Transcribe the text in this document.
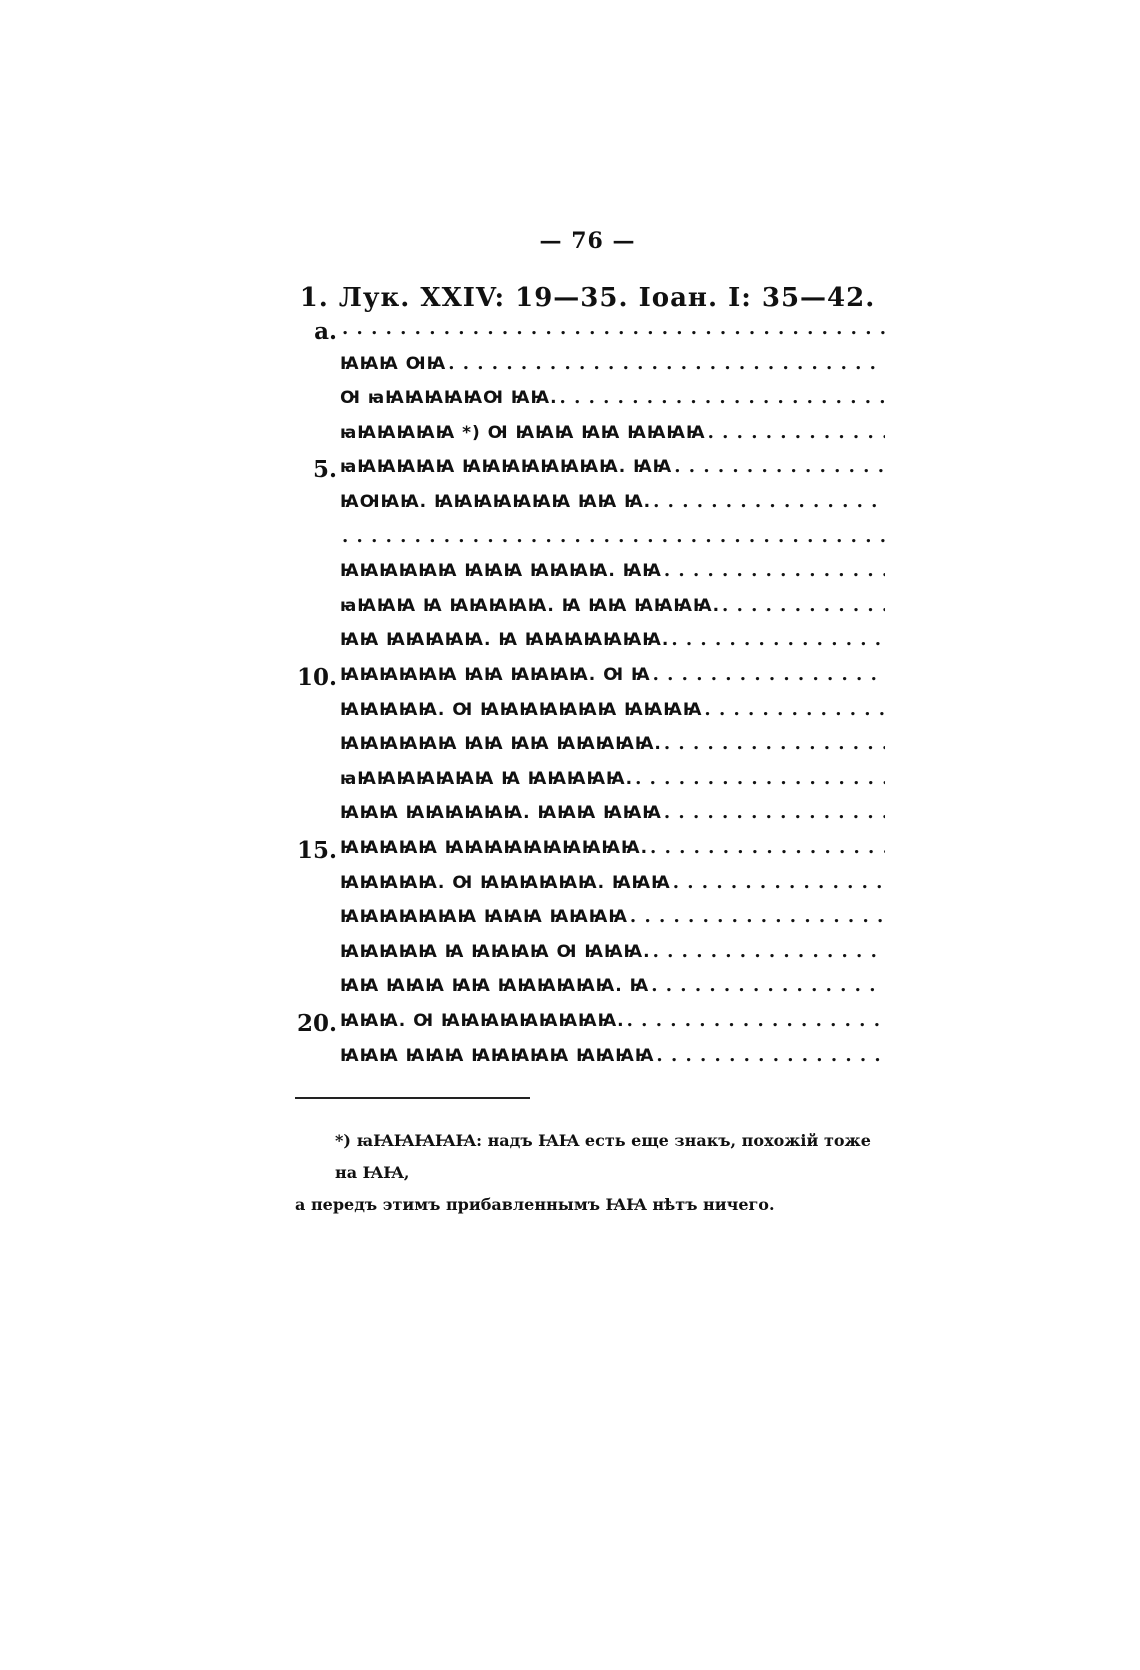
— 76 —
1. Лук. XXIV: 19—35. Ioaн. I: 35—42.
a.
. . .
ꙖꙖꙖ ꙔꙖ
. . .
Ꙕ ꙗꙖꙖꙖꙖꙖꙔ ꙖꙖ.
. . .
ꙗꙖꙖꙖꙖꙖ *) Ꙕ ꙖꙖꙖ ꙖꙖ ꙖꙖꙖꙖ
. . .
5. ꙗꙖꙖꙖꙖꙖ ꙖꙖꙖꙖꙖꙖꙖꙖ. ꙖꙖ
. . .
ꙖꙔꙖꙖ. ꙖꙖꙖꙖꙖꙖꙖ ꙖꙖ Ꙗ.
. . .
. . .
ꙖꙖꙖꙖꙖꙖ ꙖꙖꙖ ꙖꙖꙖꙖ. ꙖꙖ
. . .
ꙗꙖꙖꙖ Ꙗ ꙖꙖꙖꙖꙖ. Ꙗ ꙖꙖ ꙖꙖꙖꙖ.
. . .
ꙖꙖ ꙖꙖꙖꙖꙖ. Ꙗ ꙖꙖꙖꙖꙖꙖꙖ.
. . .
10. ꙖꙖꙖꙖꙖꙖ ꙖꙖ ꙖꙖꙖꙖ. Ꙕ Ꙗ
. . .
ꙖꙖꙖꙖꙖ. Ꙕ ꙖꙖꙖꙖꙖꙖꙖ ꙖꙖꙖꙖ
. . .
ꙖꙖꙖꙖꙖꙖ ꙖꙖ ꙖꙖ ꙖꙖꙖꙖꙖ.
. . .
ꙗꙖꙖꙖꙖꙖꙖꙖ Ꙗ ꙖꙖꙖꙖꙖ.
. . .
ꙖꙖꙖ ꙖꙖꙖꙖꙖꙖ. ꙖꙖꙖ ꙖꙖꙖ
. . .
15. ꙖꙖꙖꙖꙖ ꙖꙖꙖꙖꙖꙖꙖꙖꙖꙖ.
. . .
ꙖꙖꙖꙖꙖ. Ꙕ ꙖꙖꙖꙖꙖꙖ. ꙖꙖꙖ
. . .
ꙖꙖꙖꙖꙖꙖꙖ ꙖꙖꙖ ꙖꙖꙖꙖ
. . .
ꙖꙖꙖꙖꙖ Ꙗ ꙖꙖꙖꙖ Ꙕ ꙖꙖꙖ.
. . .
ꙖꙖ ꙖꙖꙖ ꙖꙖ ꙖꙖꙖꙖꙖꙖ. Ꙗ
. . .
20. ꙖꙖꙖ. Ꙕ ꙖꙖꙖꙖꙖꙖꙖꙖꙖ.
. . .
ꙖꙖꙖ ꙖꙖꙖ ꙖꙖꙖꙖꙖ ꙖꙖꙖꙖ
. . .
*) ꙗꙖꙖꙖꙖꙖ: надъ ꙖꙖ есть еще знакъ, похожій тоже на ꙖꙖ,
а передъ этимъ прибавленнымъ ꙖꙖ нѣтъ ничего.
